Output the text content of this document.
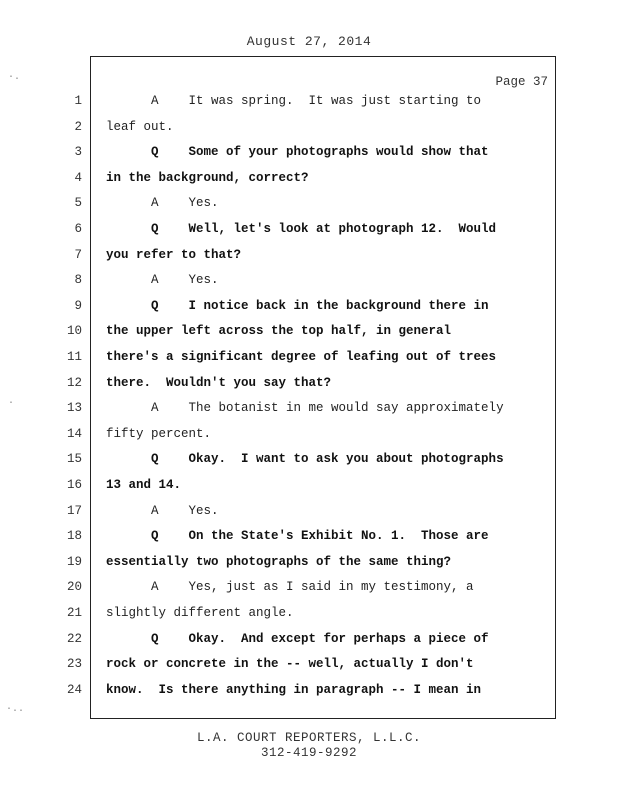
August 27, 2014
Page 37
1 A    It was spring.  It was just starting to
2 leaf out.
3 Q    Some of your photographs would show that
4 in the background, correct?
5 A    Yes.
6 Q    Well, let's look at photograph 12.  Would
7 you refer to that?
8 A    Yes.
9 Q    I notice back in the background there in
10 the upper left across the top half, in general
11 there's a significant degree of leafing out of trees
12 there.  Wouldn't you say that?
13 A    The botanist in me would say approximately
14 fifty percent.
15 Q    Okay.  I want to ask you about photographs
16 13 and 14.
17 A    Yes.
18 Q    On the State's Exhibit No. 1.  Those are
19 essentially two photographs of the same thing?
20 A    Yes, just as I said in my testimony, a
21 slightly different angle.
22 Q    Okay.  And except for perhaps a piece of
23 rock or concrete in the -- well, actually I don't
24 know.  Is there anything in paragraph -- I mean in
L.A. COURT REPORTERS, L.L.C.
312-419-9292
·.
·
·..
